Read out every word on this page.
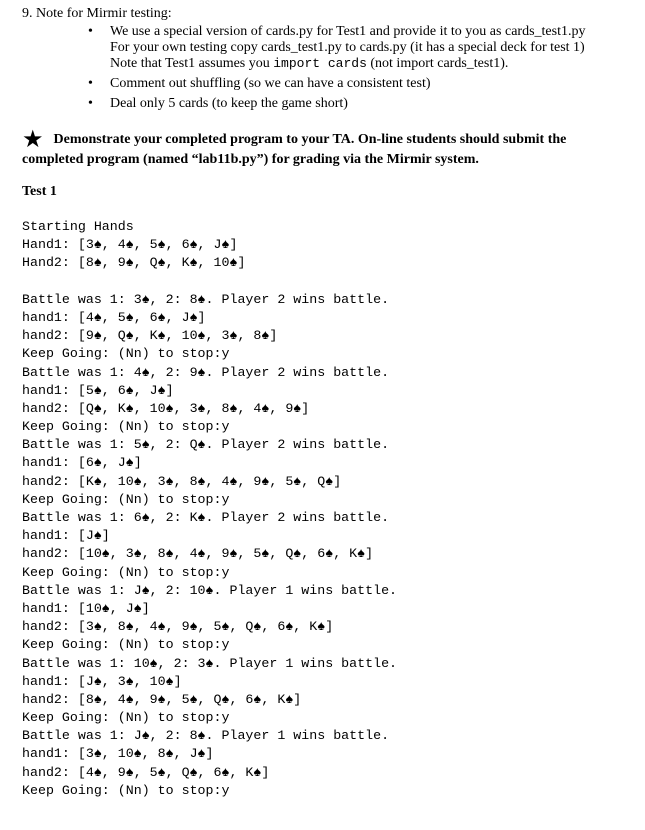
9. Note for Mirmir testing:
• We use a special version of cards.py for Test1 and provide it to you as cards_test1.py
For your own testing copy cards_test1.py to cards.py (it has a special deck for test 1)
Note that Test1 assumes you import cards (not import cards_test1).
• Comment out shuffling (so we can have a consistent test)
• Deal only 5 cards (to keep the game short)
★ Demonstrate your completed program to your TA. On-line students should submit the
completed program (named “lab11b.py”) for grading via the Mirmir system.
Test 1
Starting Hands
Hand1: [3♠, 4♠, 5♠, 6♠, J♠]
Hand2: [8♠, 9♠, Q♠, K♠, 10♠]
Battle was 1: 3♠, 2: 8♠. Player 2 wins battle.
hand1: [4♠, 5♠, 6♠, J♠]
hand2: [9♠, Q♠, K♠, 10♠, 3♠, 8♠]
Keep Going: (Nn) to stop:y
Battle was 1: 4♠, 2: 9♠. Player 2 wins battle.
hand1: [5♠, 6♠, J♠]
hand2: [Q♠, K♠, 10♠, 3♠, 8♠, 4♠, 9♠]
Keep Going: (Nn) to stop:y
Battle was 1: 5♠, 2: Q♠. Player 2 wins battle.
hand1: [6♠, J♠]
hand2: [K♠, 10♠, 3♠, 8♠, 4♠, 9♠, 5♠, Q♠]
Keep Going: (Nn) to stop:y
Battle was 1: 6♠, 2: K♠. Player 2 wins battle.
hand1: [J♠]
hand2: [10♠, 3♠, 8♠, 4♠, 9♠, 5♠, Q♠, 6♠, K♠]
Keep Going: (Nn) to stop:y
Battle was 1: J♠, 2: 10♠. Player 1 wins battle.
hand1: [10♠, J♠]
hand2: [3♠, 8♠, 4♠, 9♠, 5♠, Q♠, 6♠, K♠]
Keep Going: (Nn) to stop:y
Battle was 1: 10♠, 2: 3♠. Player 1 wins battle.
hand1: [J♠, 3♠, 10♠]
hand2: [8♠, 4♠, 9♠, 5♠, Q♠, 6♠, K♠]
Keep Going: (Nn) to stop:y
Battle was 1: J♠, 2: 8♠. Player 1 wins battle.
hand1: [3♠, 10♠, 8♠, J♠]
hand2: [4♠, 9♠, 5♠, Q♠, 6♠, K♠]
Keep Going: (Nn) to stop:y
